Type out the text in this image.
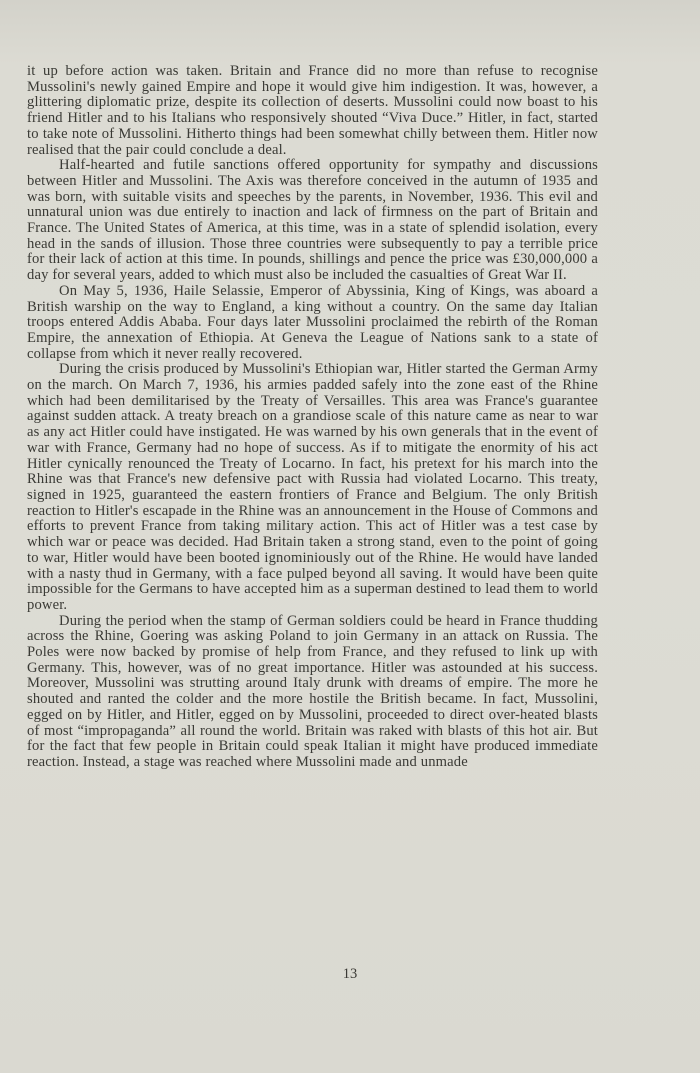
it up before action was taken. Britain and France did no more than refuse to recognise Mussolini's newly gained Empire and hope it would give him indigestion. It was, however, a glittering diplomatic prize, despite its collection of deserts. Mussolini could now boast to his friend Hitler and to his Italians who responsively shouted “Viva Duce.” Hitler, in fact, started to take note of Mussolini. Hitherto things had been somewhat chilly between them. Hitler now realised that the pair could conclude a deal.

Half-hearted and futile sanctions offered opportunity for sympathy and discussions between Hitler and Mussolini. The Axis was therefore conceived in the autumn of 1935 and was born, with suitable visits and speeches by the parents, in November, 1936. This evil and unnatural union was due entirely to inaction and lack of firmness on the part of Britain and France. The United States of America, at this time, was in a state of splendid isolation, every head in the sands of illusion. Those three countries were subsequently to pay a terrible price for their lack of action at this time. In pounds, shillings and pence the price was £30,000,000 a day for several years, added to which must also be included the casualties of Great War II.

On May 5, 1936, Haile Selassie, Emperor of Abyssinia, King of Kings, was aboard a British warship on the way to England, a king without a country. On the same day Italian troops entered Addis Ababa. Four days later Mussolini proclaimed the rebirth of the Roman Empire, the annexation of Ethiopia. At Geneva the League of Nations sank to a state of collapse from which it never really recovered.

During the crisis produced by Mussolini's Ethiopian war, Hitler started the German Army on the march. On March 7, 1936, his armies padded safely into the zone east of the Rhine which had been demilitarised by the Treaty of Versailles. This area was France's guarantee against sudden attack. A treaty breach on a grandiose scale of this nature came as near to war as any act Hitler could have instigated. He was warned by his own generals that in the event of war with France, Germany had no hope of success. As if to mitigate the enormity of his act Hitler cynically renounced the Treaty of Locarno. In fact, his pretext for his march into the Rhine was that France's new defensive pact with Russia had violated Locarno. This treaty, signed in 1925, guaranteed the eastern frontiers of France and Belgium. The only British reaction to Hitler's escapade in the Rhine was an announcement in the House of Commons and efforts to prevent France from taking military action. This act of Hitler was a test case by which war or peace was decided. Had Britain taken a strong stand, even to the point of going to war, Hitler would have been booted ignominiously out of the Rhine. He would have landed with a nasty thud in Germany, with a face pulped beyond all saving. It would have been quite impossible for the Germans to have accepted him as a superman destined to lead them to world power.

During the period when the stamp of German soldiers could be heard in France thudding across the Rhine, Goering was asking Poland to join Germany in an attack on Russia. The Poles were now backed by promise of help from France, and they refused to link up with Germany. This, however, was of no great importance. Hitler was astounded at his success. Moreover, Mussolini was strutting around Italy drunk with dreams of empire. The more he shouted and ranted the colder and the more hostile the British became. In fact, Mussolini, egged on by Hitler, and Hitler, egged on by Mussolini, proceeded to direct over-heated blasts of most “impropaganda” all round the world. Britain was raked with blasts of this hot air. But for the fact that few people in Britain could speak Italian it might have produced immediate reaction. Instead, a stage was reached where Mussolini made and unmade

13
